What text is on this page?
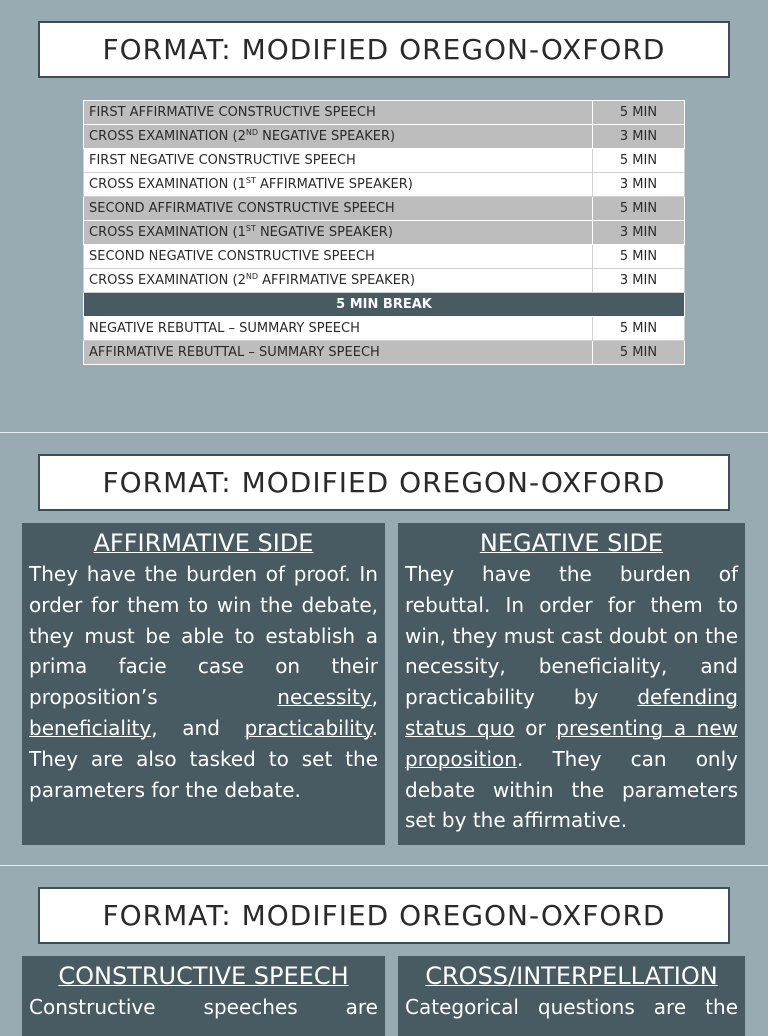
FORMAT: MODIFIED OREGON-OXFORD
FIRST AFFIRMATIVE CONSTRUCTIVE SPEECH	5 MIN
CROSS EXAMINATION (2ND NEGATIVE SPEAKER)	3 MIN
FIRST NEGATIVE CONSTRUCTIVE SPEECH	5 MIN
CROSS EXAMINATION (1ST AFFIRMATIVE SPEAKER)	3 MIN
SECOND AFFIRMATIVE CONSTRUCTIVE SPEECH	5 MIN
CROSS EXAMINATION (1ST NEGATIVE SPEAKER)	3 MIN
SECOND NEGATIVE CONSTRUCTIVE SPEECH	5 MIN
CROSS EXAMINATION (2ND AFFIRMATIVE SPEAKER)	3 MIN
5 MIN BREAK	
NEGATIVE REBUTTAL – SUMMARY SPEECH	5 MIN
AFFIRMATIVE REBUTTAL – SUMMARY SPEECH	5 MIN
FORMAT: MODIFIED OREGON-OXFORD
AFFIRMATIVE SIDE

They have the burden of proof. In order for them to win the debate, they must be able to establish a prima facie case on their proposition’s necessity, beneficiality, and practicability. They are also tasked to set the parameters for the debate.

NEGATIVE SIDE

They have the burden of rebuttal. In order for them to win, they must cast doubt on the necessity, beneficiality, and practicability by defending status quo or presenting a new proposition. They can only debate within the parameters set by the affirmative.

FORMAT: MODIFIED OREGON-OXFORD
CONSTRUCTIVE SPEECH

Constructive speeches are

CROSS/INTERPELLATION

Categorical questions are the
